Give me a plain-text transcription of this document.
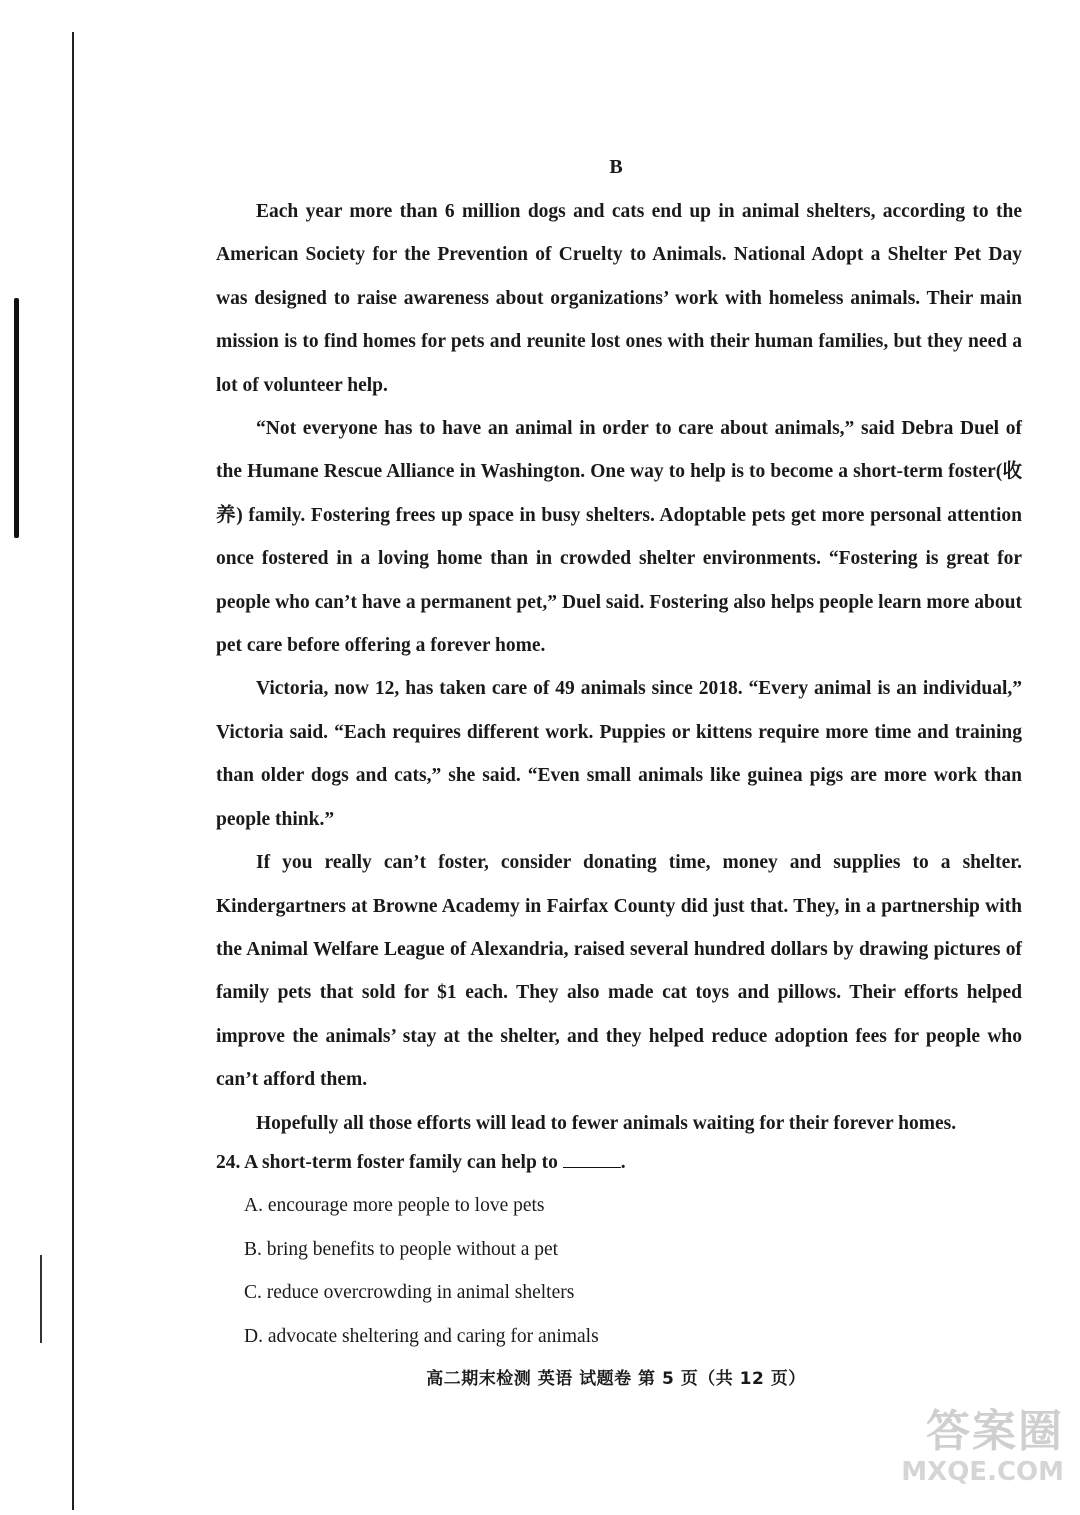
B

Each year more than 6 million dogs and cats end up in animal shelters, according to the American Society for the Prevention of Cruelty to Animals. National Adopt a Shelter Pet Day was designed to raise awareness about organizations’ work with homeless animals. Their main mission is to find homes for pets and reunite lost ones with their human families, but they need a lot of volunteer help.

“Not everyone has to have an animal in order to care about animals,” said Debra Duel of the Humane Rescue Alliance in Washington. One way to help is to become a short-term foster(收养) family. Fostering frees up space in busy shelters. Adoptable pets get more personal attention once fostered in a loving home than in crowded shelter environments. “Fostering is great for people who can’t have a permanent pet,” Duel said. Fostering also helps people learn more about pet care before offering a forever home.

Victoria, now 12, has taken care of 49 animals since 2018. “Every animal is an individual,” Victoria said. “Each requires different work. Puppies or kittens require more time and training than older dogs and cats,” she said. “Even small animals like guinea pigs are more work than people think.”

If you really can’t foster, consider donating time, money and supplies to a shelter. Kindergartners at Browne Academy in Fairfax County did just that. They, in a partnership with the Animal Welfare League of Alexandria, raised several hundred dollars by drawing pictures of family pets that sold for $1 each. They also made cat toys and pillows. Their efforts helped improve the animals’ stay at the shelter, and they helped reduce adoption fees for people who can’t afford them.

Hopefully all those efforts will lead to fewer animals waiting for their forever homes.

24. A short-term foster family can help to	.

A. encourage more people to love pets

B. bring benefits to people without a pet

C. reduce overcrowding in animal shelters

D. advocate sheltering and caring for animals

高二期末检测 英语 试题卷 第 5 页（共 12 页）
答案圈
MXQE.COM
